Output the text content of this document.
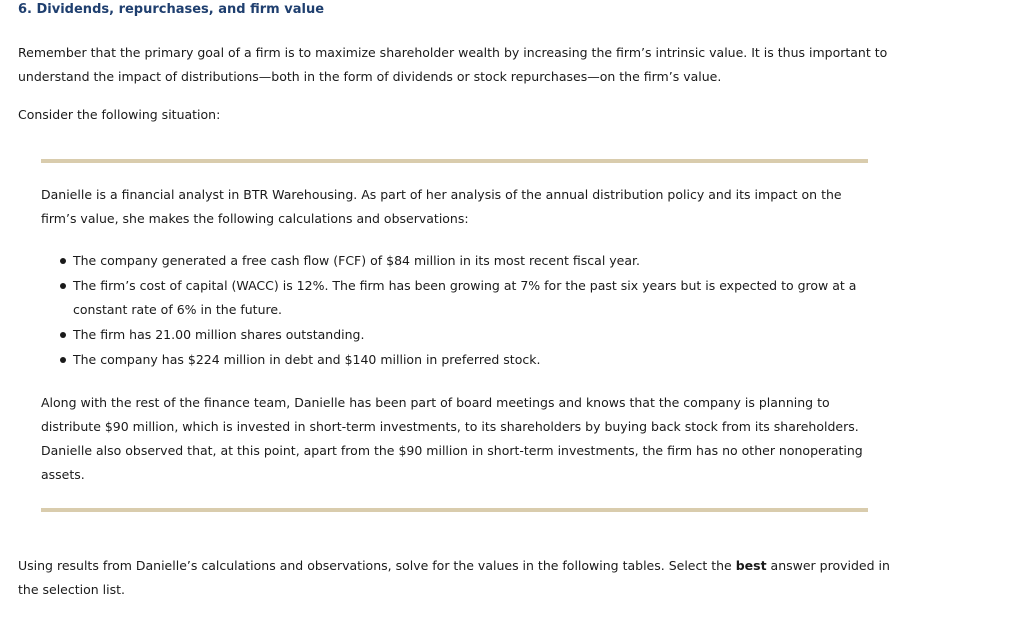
6. Dividends, repurchases, and firm value

Remember that the primary goal of a firm is to maximize shareholder wealth by increasing the firm’s intrinsic value. It is thus important to understand the impact of distributions—both in the form of dividends or stock repurchases—on the firm’s value.

Consider the following situation:

Danielle is a financial analyst in BTR Warehousing. As part of her analysis of the annual distribution policy and its impact on the firm’s value, she makes the following calculations and observations:

The company generated a free cash flow (FCF) of $84 million in its most recent fiscal year.
The firm’s cost of capital (WACC) is 12%. The firm has been growing at 7% for the past six years but is expected to grow at a constant rate of 6% in the future.
The firm has 21.00 million shares outstanding.
The company has $224 million in debt and $140 million in preferred stock.

Along with the rest of the finance team, Danielle has been part of board meetings and knows that the company is planning to distribute $90 million, which is invested in short-term investments, to its shareholders by buying back stock from its shareholders. Danielle also observed that, at this point, apart from the $90 million in short-term investments, the firm has no other nonoperating assets.

Using results from Danielle’s calculations and observations, solve for the values in the following tables. Select the best answer provided in the selection list.
